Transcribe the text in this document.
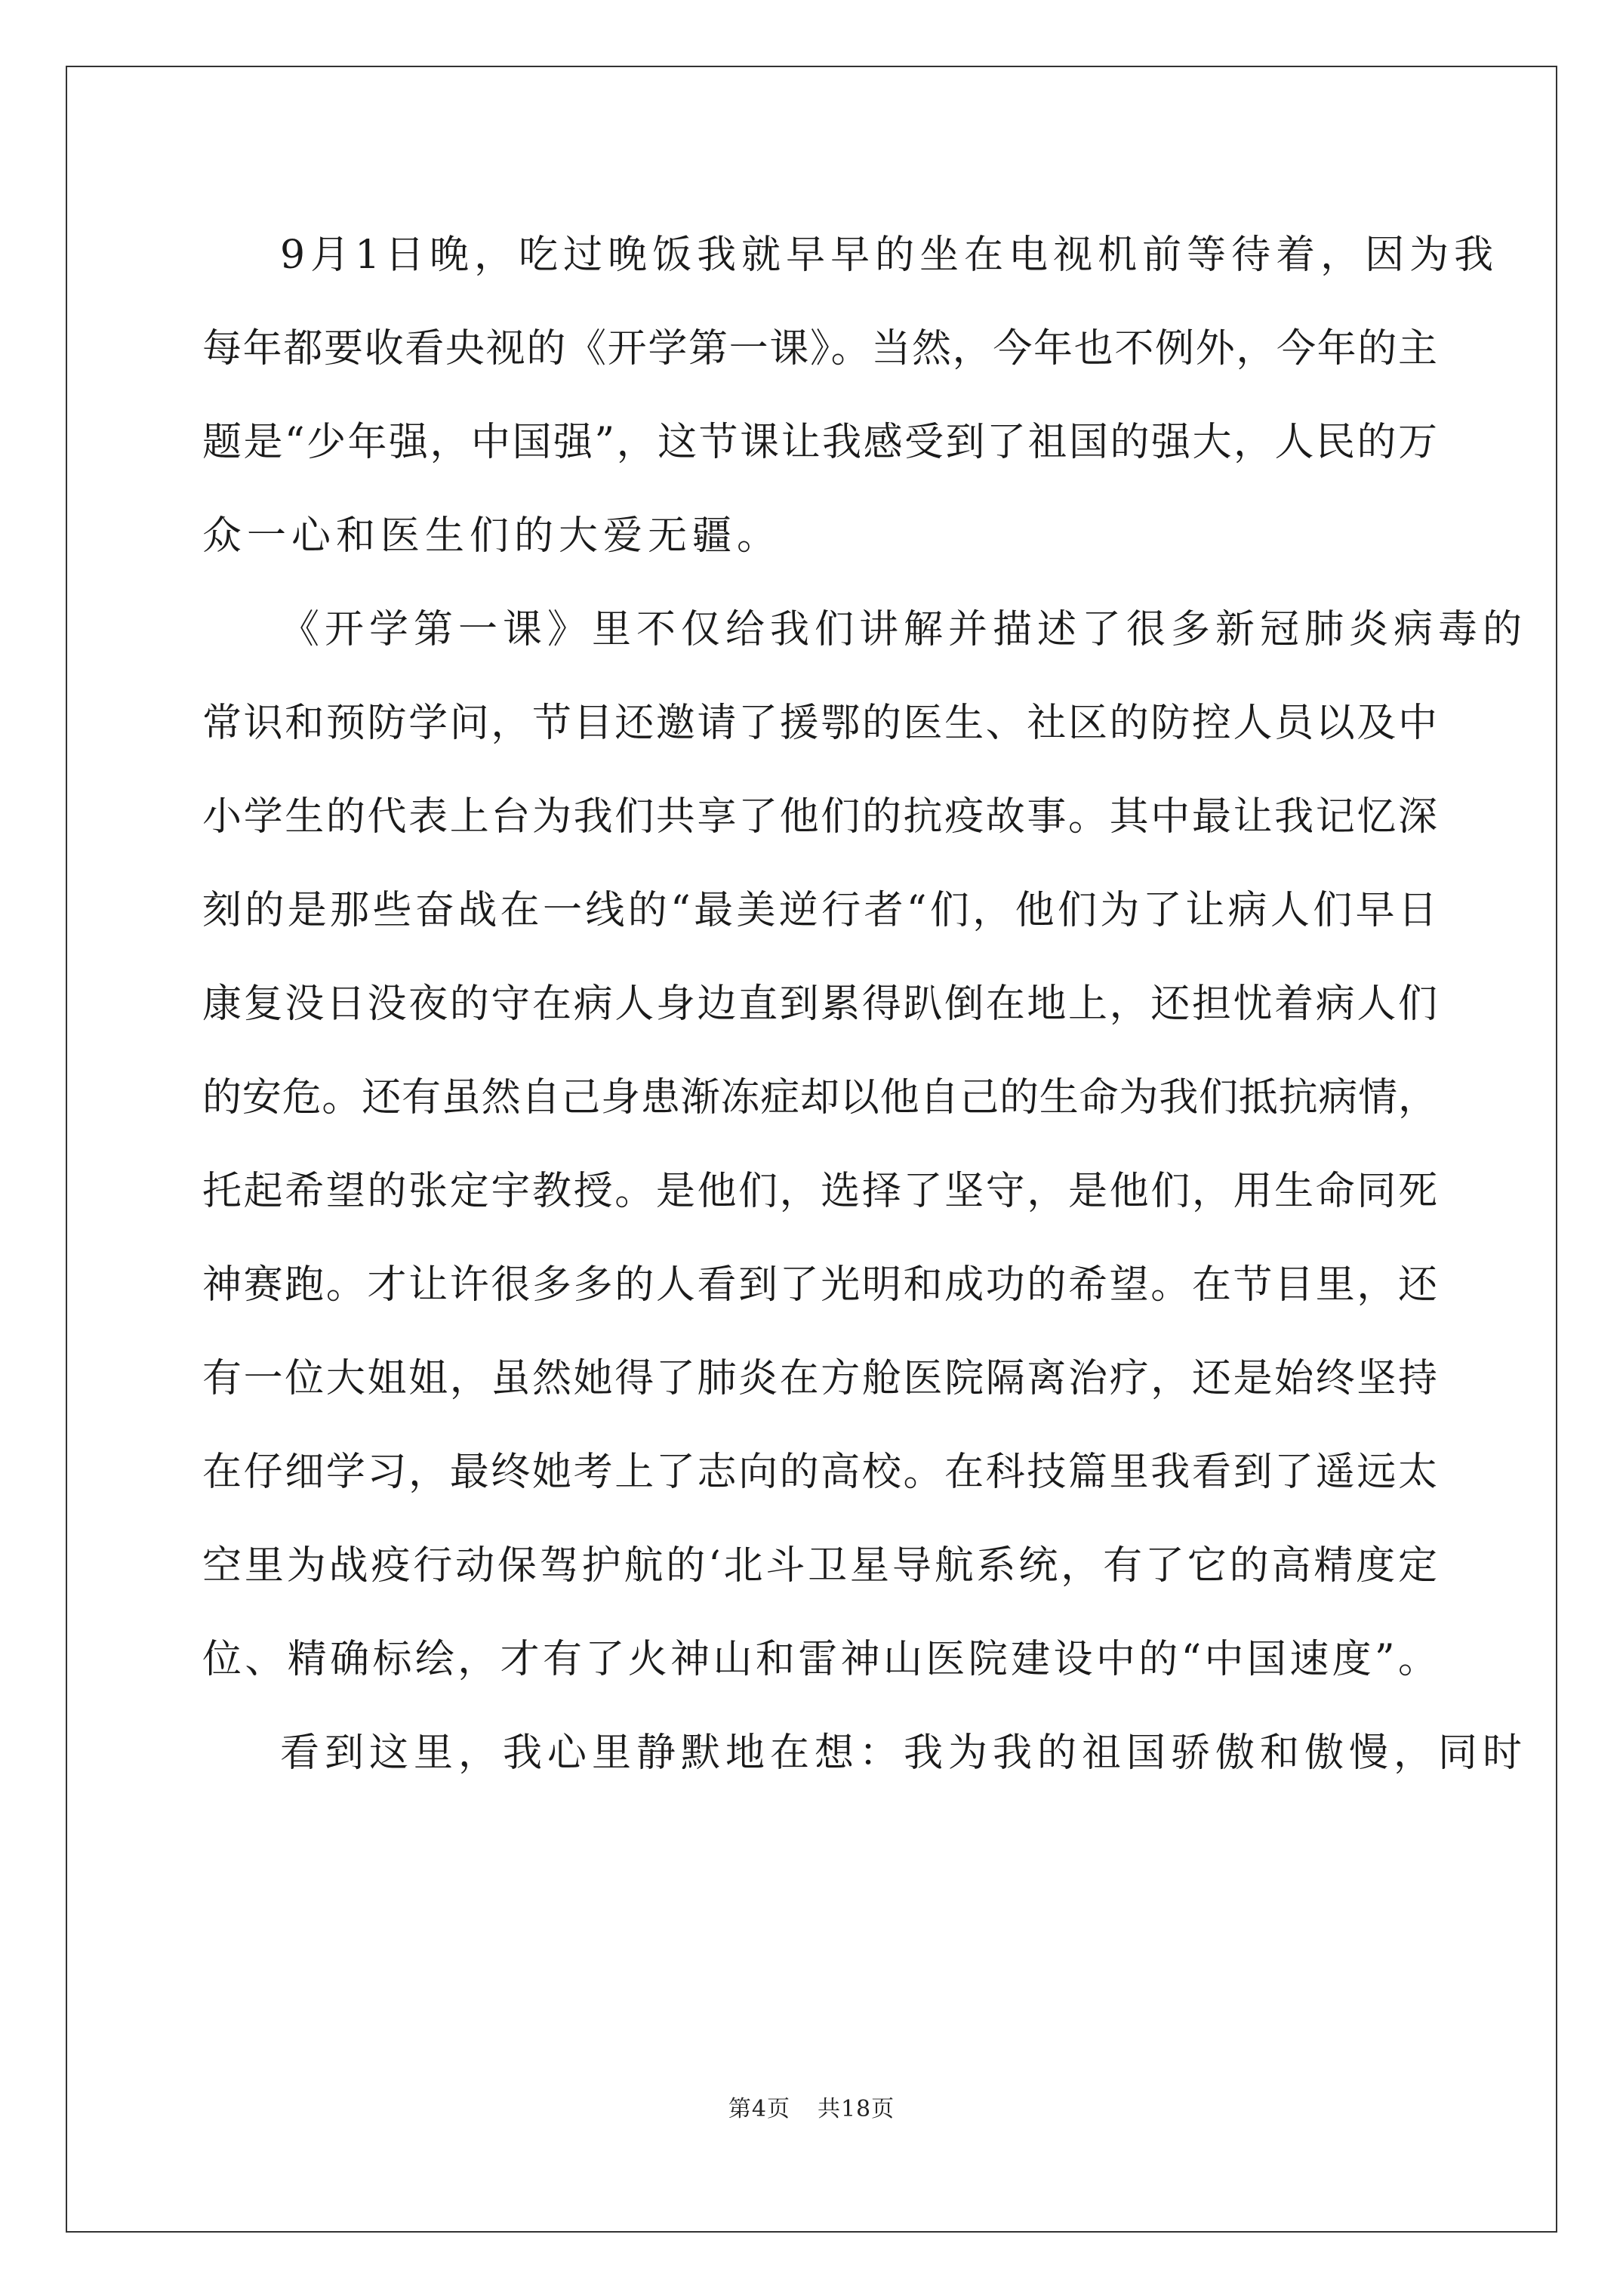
9月1日晚，吃过晚饭我就早早的坐在电视机前等待着，因为我
每年都要收看央视的《开学第一课》。当然，今年也不例外，今年的主
题是“少年强，中国强”，这节课让我感受到了祖国的强大，人民的万
众一心和医生们的大爱无疆。
《开学第一课》里不仅给我们讲解并描述了很多新冠肺炎病毒的
常识和预防学问，节目还邀请了援鄂的医生、社区的防控人员以及中
小学生的代表上台为我们共享了他们的抗疫故事。其中最让我记忆深
刻的是那些奋战在一线的“最美逆行者“们，他们为了让病人们早日
康复没日没夜的守在病人身边直到累得趴倒在地上，还担忧着病人们
的安危。还有虽然自己身患渐冻症却以他自己的生命为我们抵抗病情，
托起希望的张定宇教授。是他们，选择了坚守，是他们，用生命同死
神赛跑。才让许很多多的人看到了光明和成功的希望。在节目里，还
有一位大姐姐，虽然她得了肺炎在方舱医院隔离治疗，还是始终坚持
在仔细学习，最终她考上了志向的高校。在科技篇里我看到了遥远太
空里为战疫行动保驾护航的‘北斗卫星导航系统，有了它的高精度定
位、精确标绘，才有了火神山和雷神山医院建设中的“中国速度”。
看到这里，我心里静默地在想：我为我的祖国骄傲和傲慢，同时
第4页 共18页
